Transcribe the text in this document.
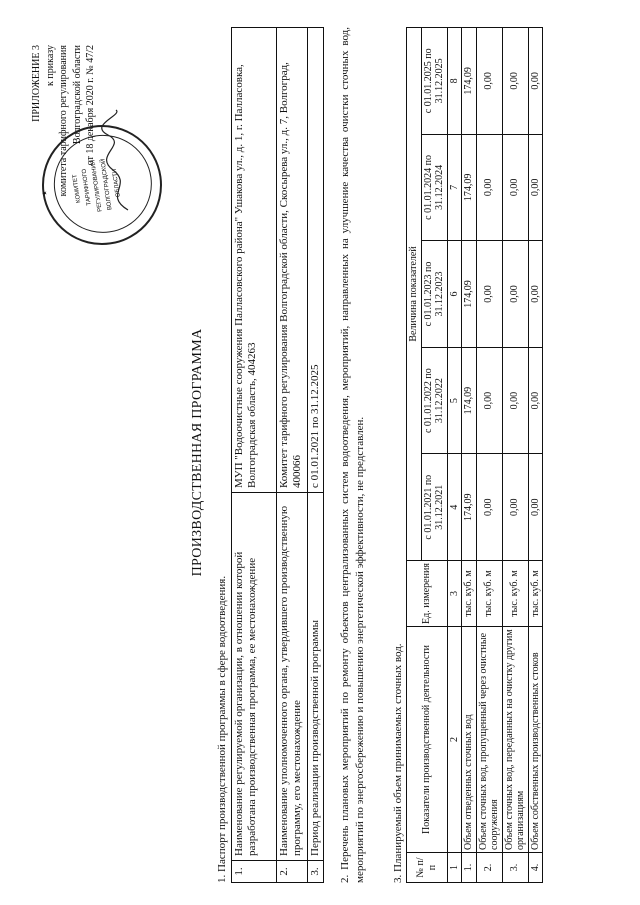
ПРИЛОЖЕНИЕ 3 к приказу комитета тарифного регулирования Волгоградской области от 18 декабря 2020 г. № 47/2
★	КОМИТЕТ ТАРИФНОГО
РЕГУЛИРОВАНИЯ
ВОЛГОГРАДСКОЙ
ОБЛАСТИ
ПРОИЗВОДСТВЕННАЯ ПРОГРАММА
1. Паспорт производственной программы в сфере водоотведения. 1.	Наименование регулируемой организации, в отношении которой разработана производственная программа, ее местонахождение	МУП "Водоочистные сооружения Палласовского района" Ушакова ул., д. 1, г. Палласовка, Волгоградская область, 404263
2.	Наименование уполномоченного органа, утвердившего производственную программу, его местонахождение	Комитет тарифного регулирования Волгоградской области, Скосырева ул., д. 7, Волгоград, 400066
3.	Период реализации производственной программы	с 01.01.2021 по 31.12.2025 2. Перечень плановых мероприятий по ремонту объектов централизованных систем водоотведения, мероприятий, направленных на улучшение качества очистки сточных вод, мероприятий по энергосбережению и повышению энергетической эффективности, не представлен. 3. Планируемый объем принимаемых сточных вод. № п/п	Показатели производственной деятельности	Ед. измерения	Величина показателей				
			с 01.01.2021 по 31.12.2021	с 01.01.2022 по 31.12.2022	с 01.01.2023 по 31.12.2023	с 01.01.2024 по 31.12.2024	с 01.01.2025 по 31.12.2025
1	2	3	4	5	6	7	8
1.	Объем отведенных сточных вод	тыс. куб. м	174,09	174,09	174,09	174,09	174,09
2.	Объем сточных вод, пропущенный через очистные сооружения	тыс. куб. м	0,00	0,00	0,00	0,00	0,00
3.	Объем сточных вод, переданных на очистку другим организациям	тыс. куб. м	0,00	0,00	0,00	0,00	0,00
4.	Объем собственных производственных стоков	тыс. куб. м	0,00	0,00	0,00	0,00	0,00
